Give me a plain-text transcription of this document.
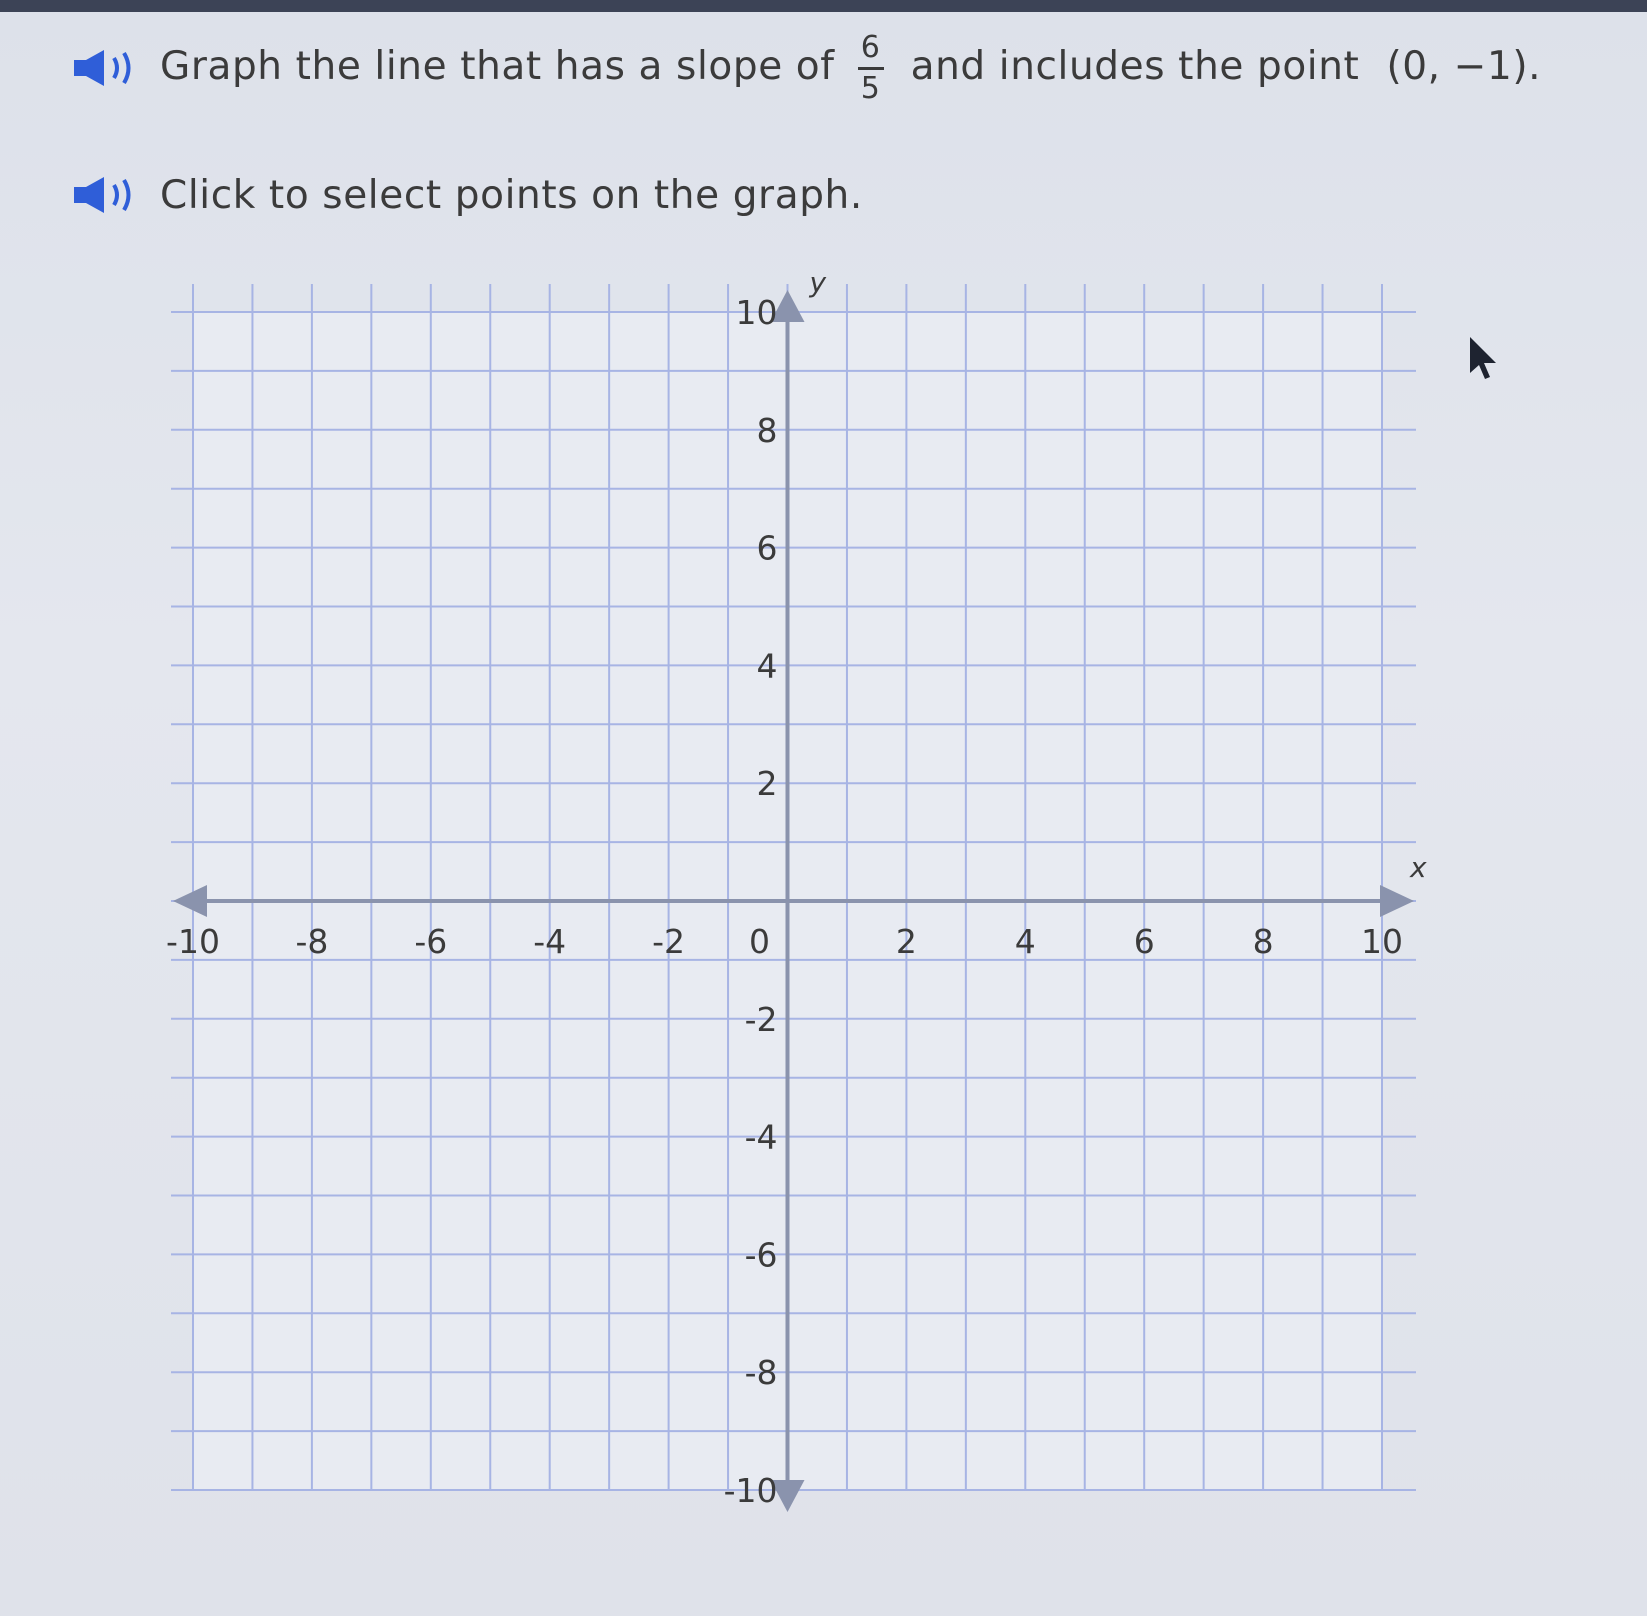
Graph the line that has a slope of $\frac{6}{5}$ and includes the point (0, −1).
Click to select points on the graph.
x
y
-10 -8	-6	-4	-2 0	2	4	6	8	10
-10
-8
-6
-4
-2
2
4
6
8
10
